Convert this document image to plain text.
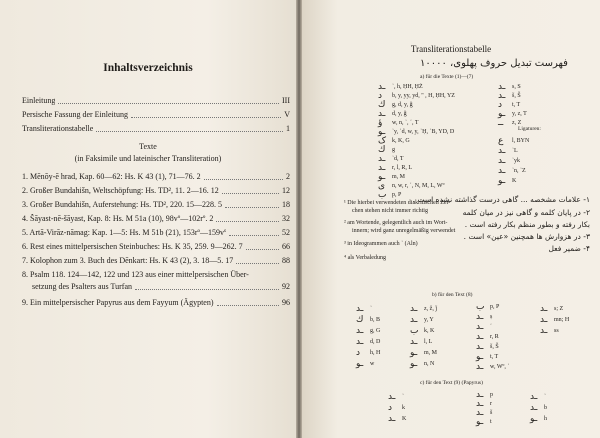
Inhaltsverzeichnis
Einleitung	III
Persische Fassung der Einleitung	V
Transliterationstabelle	1
Texte
(in Faksimile und lateinischer Transliteration)
1. Mēnōy-ē hrad, Kap. 60—62: Hs. K 43 (1), 71—76. 2	2
2. Großer Bundahišn, Weltschöpfung: Hs. TD², 11. 2—16. 12	12
3. Großer Bundahišn, Auferstehung: Hs. TD², 220. 15—228. 5	18
4. Šāyast-nē-šāyast, Kap. 8: Hs. M 51a (10), 98vº—102rº. 2	32
5. Artā-Virāz-nāmag: Kap. 1—5: Hs. M 51b (21), 153rº—159vº	52
6. Rest eines mittelpersischen Steinbuches: Hs. K 35, 259. 9—262. 7	66
7. Kolophon zum 3. Buch des Dēnkart: Hs. K 43 (2), 3. 18—5. 17	88
8. Psalm 118. 124—142, 122 und 123 aus einer mittelpersischen Über-
setzung des Psalters aus Turfan	92
9. Ein mittelpersischer Papyrus aus dem Fayyum (Ägypten)	96
Transliterationstabelle
فهرست تبدیل حروف پهلوی، ۱۰۰۰۰
a) für die Texte (1)—(7)
ـد ʾ, h, ḤH, ḤŻ
د b, y, yy, yd, " , H, ḤH, YZ
ك g, d, y, ğ
ـد d, y, ğ
ؤ w, n, ʾ, ʿ, T
ـو ʾy, ʾd, w, y, ʾḤ, ʾB, YD, D
ک k, K, G
ك g
ـد ʾd, T
ـد r, l, R, L
ـو m, M
ی n, w, r, ʿ, N, M, L, Wº
ب p, P
ـد s, S
ـد š, Š
د t, T
ـو y, z, T
ــ z, Z
Ligaturen:
ع l, BYN
ـد ʾL
ـد ʾyk
ـد ʾn, ʾZ
ـو K
¹ Die hierbei verwendeten diakritischen Zei-
chen stehen nicht immer richtig
² am Wortende, gelegentlich auch im Wort-
innern; wird ganz unregelmäßig verwendet
³ in Ideogrammen auch ʾ (Aln)
⁴ als Verbaledung
۱- علامات مشخصه ... گاهی درست گذاشته نشده است .
۲- در پایان کلمه و گاهی نیز در میان کلمه
بکار رفته و بطور منظم بکار رفته است .
۳- در هزوارش ها همچنین «عین» است .
۴- ضمیر فعل
b) für den Text (8)
ـد ʾ
ك b, B
ـد g, G
ـد d, D
د h, H
ـو w
ـد z, ž, ǰ
ـد y, Y
ب k, K
ـد l, L
ـو m, M
ـو n, N
ب p, P
ـد ṣ
ـد ʿ
ـد r, R
ـد š, Š
ـو t, T
ـد w, Wº, ʾ
ـد s; Z
ـد mn; H
ـد ss
c) für den Text (9) (Papyrus)
ـد ʾ
د k
ـد K
ـد p
ـد r
ـد š
ـو t
ـد ʾ
ـد b
ـو h
